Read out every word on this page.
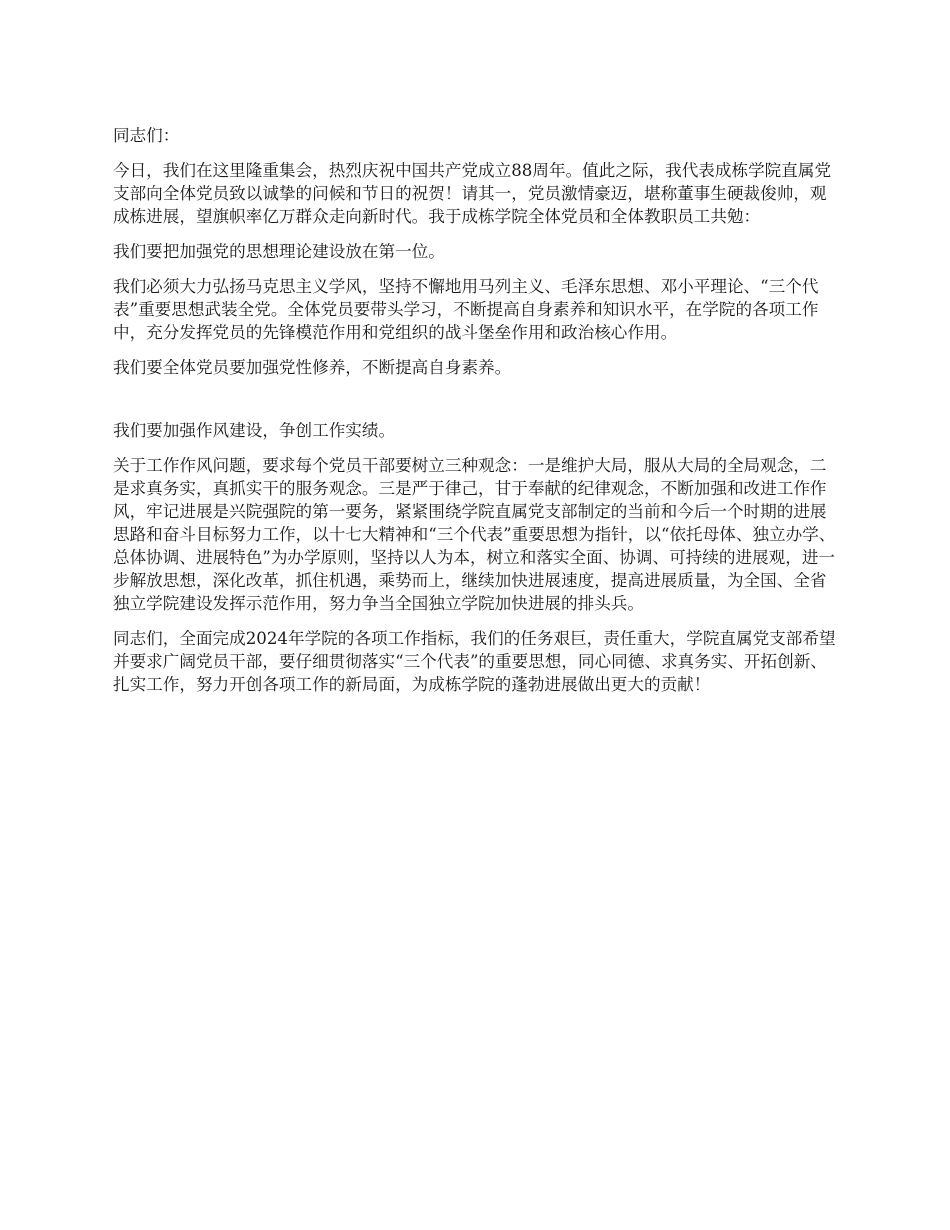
同志们：

今日，我们在这里隆重集会，热烈庆祝中国共产党成立88周年。值此之际，我代表成栋学院直属党支部向全体党员致以诚挚的问候和节日的祝贺！请其一，党员激情豪迈，堪称董事生硬裁俊帅，观成栋进展，望旗帜率亿万群众走向新时代。我于成栋学院全体党员和全体教职员工共勉：

我们要把加强党的思想理论建设放在第一位。

我们必须大力弘扬马克思主义学风，坚持不懈地用马列主义、毛泽东思想、邓小平理论、“三个代表”重要思想武装全党。全体党员要带头学习，不断提高自身素养和知识水平，在学院的各项工作中，充分发挥党员的先锋模范作用和党组织的战斗堡垒作用和政治核心作用。

我们要全体党员要加强党性修养，不断提高自身素养。

我们要加强作风建设，争创工作实绩。

关于工作作风问题，要求每个党员干部要树立三种观念：一是维护大局，服从大局的全局观念，二是求真务实，真抓实干的服务观念。三是严于律己，甘于奉献的纪律观念，不断加强和改进工作作风，牢记进展是兴院强院的第一要务，紧紧围绕学院直属党支部制定的当前和今后一个时期的进展思路和奋斗目标努力工作，以十七大精神和“三个代表”重要思想为指针，以“依托母体、独立办学、总体协调、进展特色”为办学原则，坚持以人为本，树立和落实全面、协调、可持续的进展观，进一步解放思想，深化改革，抓住机遇，乘势而上，继续加快进展速度，提高进展质量，为全国、全省独立学院建设发挥示范作用，努力争当全国独立学院加快进展的排头兵。

同志们，全面完成2024年学院的各项工作指标，我们的任务艰巨，责任重大，学院直属党支部希望并要求广阔党员干部，要仔细贯彻落实“三个代表”的重要思想，同心同德、求真务实、开拓创新、扎实工作，努力开创各项工作的新局面，为成栋学院的蓬勃进展做出更大的贡献！
